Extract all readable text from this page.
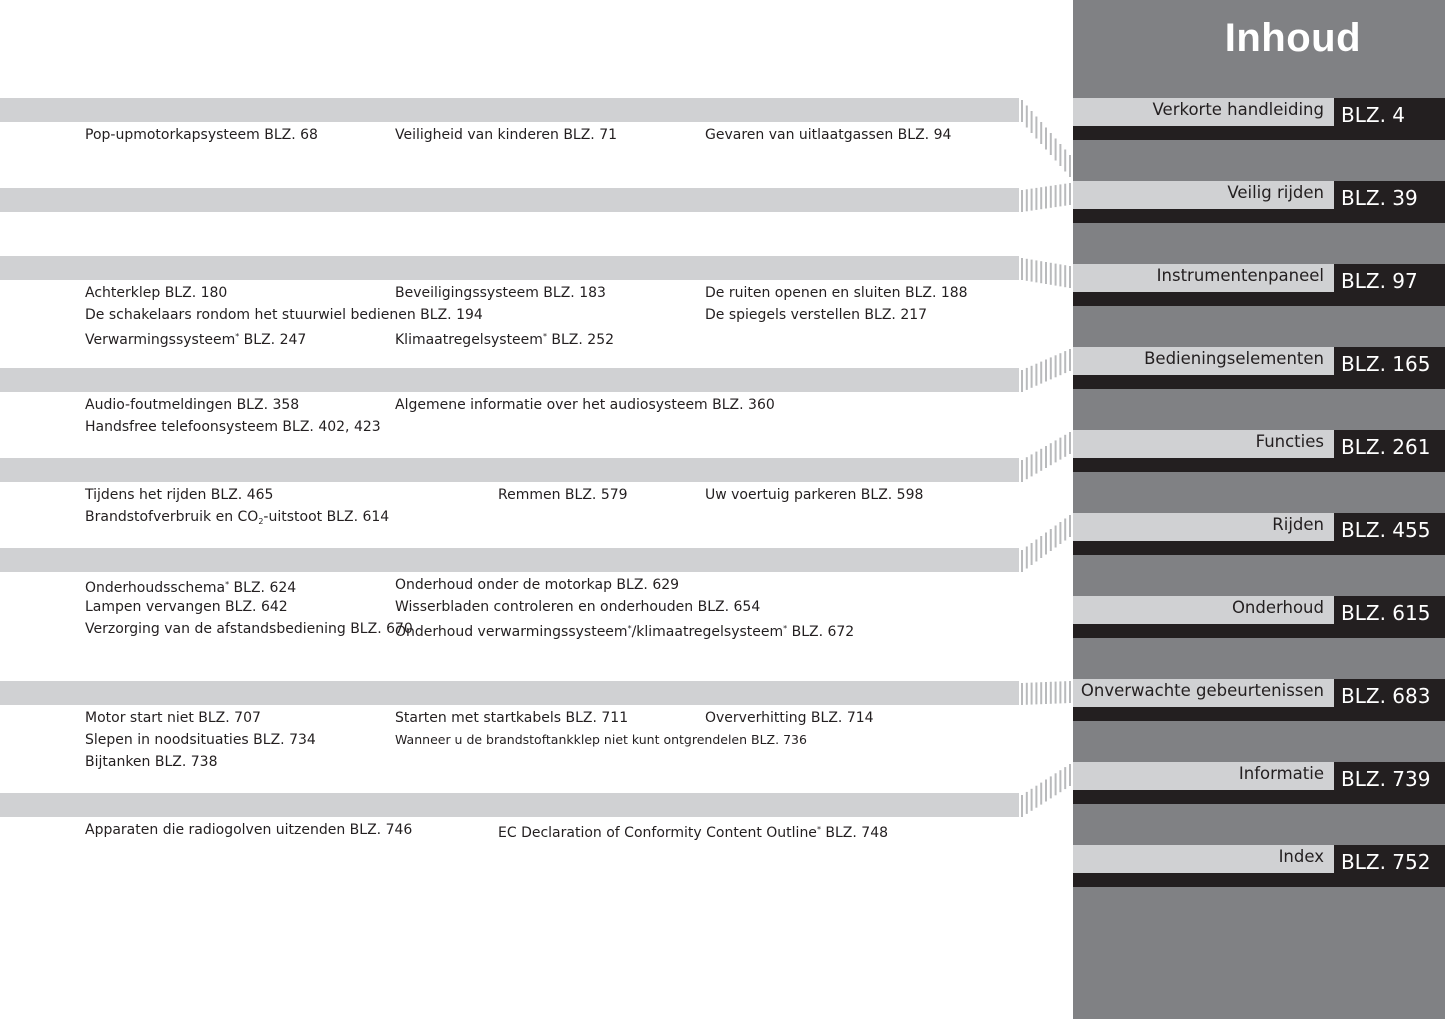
Pop-upmotorkapsysteem BLZ. 68	Veiligheid van kinderen BLZ. 71	Gevaren van uitlaatgassen BLZ. 94
Achterklep BLZ. 180	Beveiligingssysteem BLZ. 183	De ruiten openen en sluiten BLZ. 188
De schakelaars rondom het stuurwiel bedienen BLZ. 194	De spiegels verstellen BLZ. 217
Verwarmingssysteem* BLZ. 247	Klimaatregelsysteem* BLZ. 252
Audio-foutmeldingen BLZ. 358	Algemene informatie over het audiosysteem BLZ. 360
Handsfree telefoonsysteem BLZ. 402, 423
Tijdens het rijden BLZ. 465	Remmen BLZ. 579	Uw voertuig parkeren BLZ. 598
Brandstofverbruik en $CO_2$-uitstoot BLZ. 614
Onderhoudsschema* BLZ. 624	Onderhoud onder de motorkap BLZ. 629
Lampen vervangen BLZ. 642	Wisserbladen controleren en onderhouden BLZ. 654
Verzorging van de afstandsbediening BLZ. 670
Onderhoud verwarmingssysteem*/klimaatregelsysteem* BLZ. 672
Motor start niet BLZ. 707	Starten met startkabels BLZ. 711	Oververhitting BLZ. 714
Slepen in noodsituaties BLZ. 734	Wanneer u de brandstoftankklep niet kunt ontgrendelen BLZ. 736
Bijtanken BLZ. 738
Apparaten die radiogolven uitzenden BLZ. 746	EC Declaration of Conformity Content Outline* BLZ. 748
Inhoud
Verkorte handleiding BLZ. 4
Veilig rijden BLZ. 39
Instrumentenpaneel BLZ. 97
Bedieningselementen BLZ. 165
Functies BLZ. 261
Rijden BLZ. 455
Onderhoud BLZ. 615
Onverwachte gebeurtenissen BLZ. 683
Informatie BLZ. 739
Index BLZ. 752
